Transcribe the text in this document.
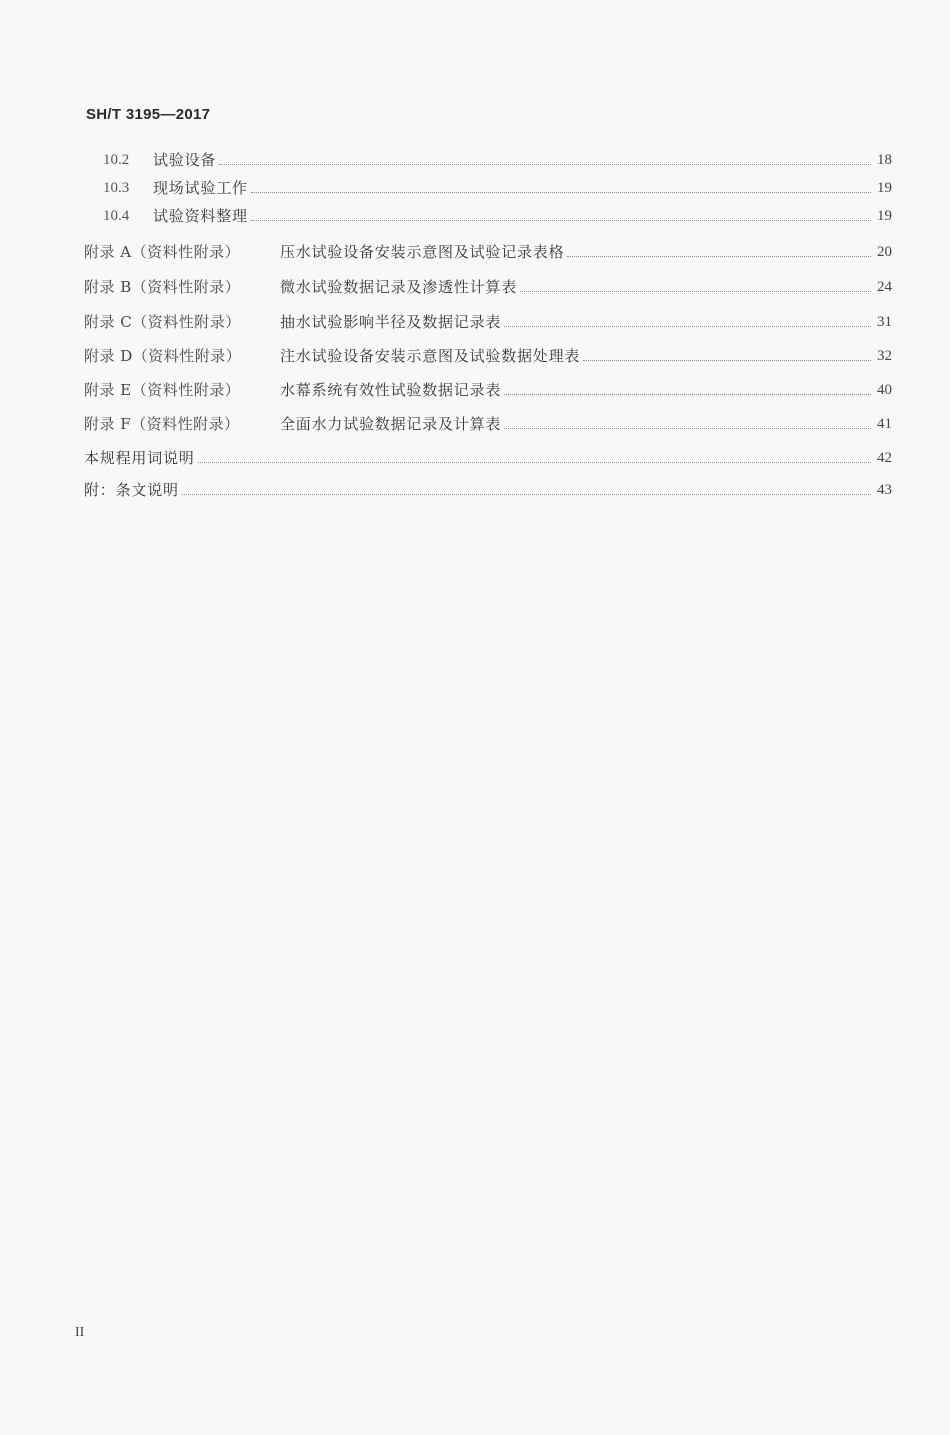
SH/T 3195—2017
10.2	试验设备	18
10.3	现场试验工作	19
10.4	试验资料整理	19
附录 A（资料性附录）	压水试验设备安装示意图及试验记录表格	20
附录 B（资料性附录）	微水试验数据记录及渗透性计算表	24
附录 C（资料性附录）	抽水试验影响半径及数据记录表	31
附录 D（资料性附录）	注水试验设备安装示意图及试验数据处理表	32
附录 E（资料性附录）	水幕系统有效性试验数据记录表	40
附录 F（资料性附录）	全面水力试验数据记录及计算表	41
本规程用词说明	42
附：条文说明	43
II
